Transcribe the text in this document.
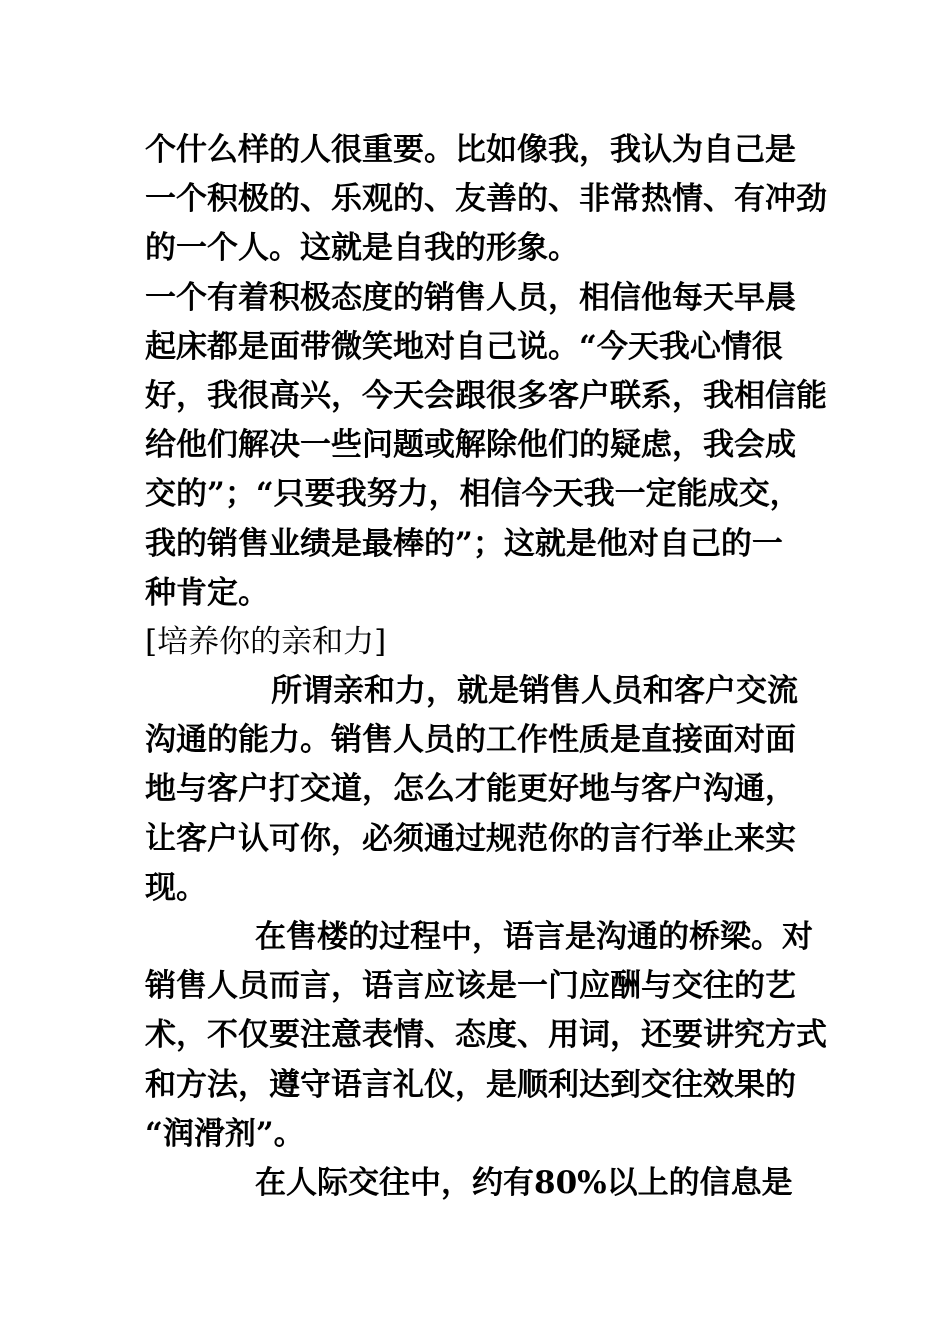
个什么样的人很重要。比如像我，我认为自己是
一个积极的、乐观的、友善的、非常热情、有冲劲
的一个人。这就是自我的形象。
一个有着积极态度的销售人员，相信他每天早晨
起床都是面带微笑地对自己说。“今天我心情很
好，我很高兴，今天会跟很多客户联系，我相信能
给他们解决一些问题或解除他们的疑虑，我会成
交的”；“只要我努力，相信今天我一定能成交，
我的销售业绩是最棒的”；这就是他对自己的一
种肯定。
[培养你的亲和力]
所谓亲和力，就是销售人员和客户交流
沟通的能力。销售人员的工作性质是直接面对面
地与客户打交道，怎么才能更好地与客户沟通，
让客户认可你，必须通过规范你的言行举止来实
现。
在售楼的过程中，语言是沟通的桥梁。对
销售人员而言，语言应该是一门应酬与交往的艺
术，不仅要注意表情、态度、用词，还要讲究方式
和方法，遵守语言礼仪，是顺利达到交往效果的
“润滑剂”。
在人际交往中，约有80%以上的信息是
